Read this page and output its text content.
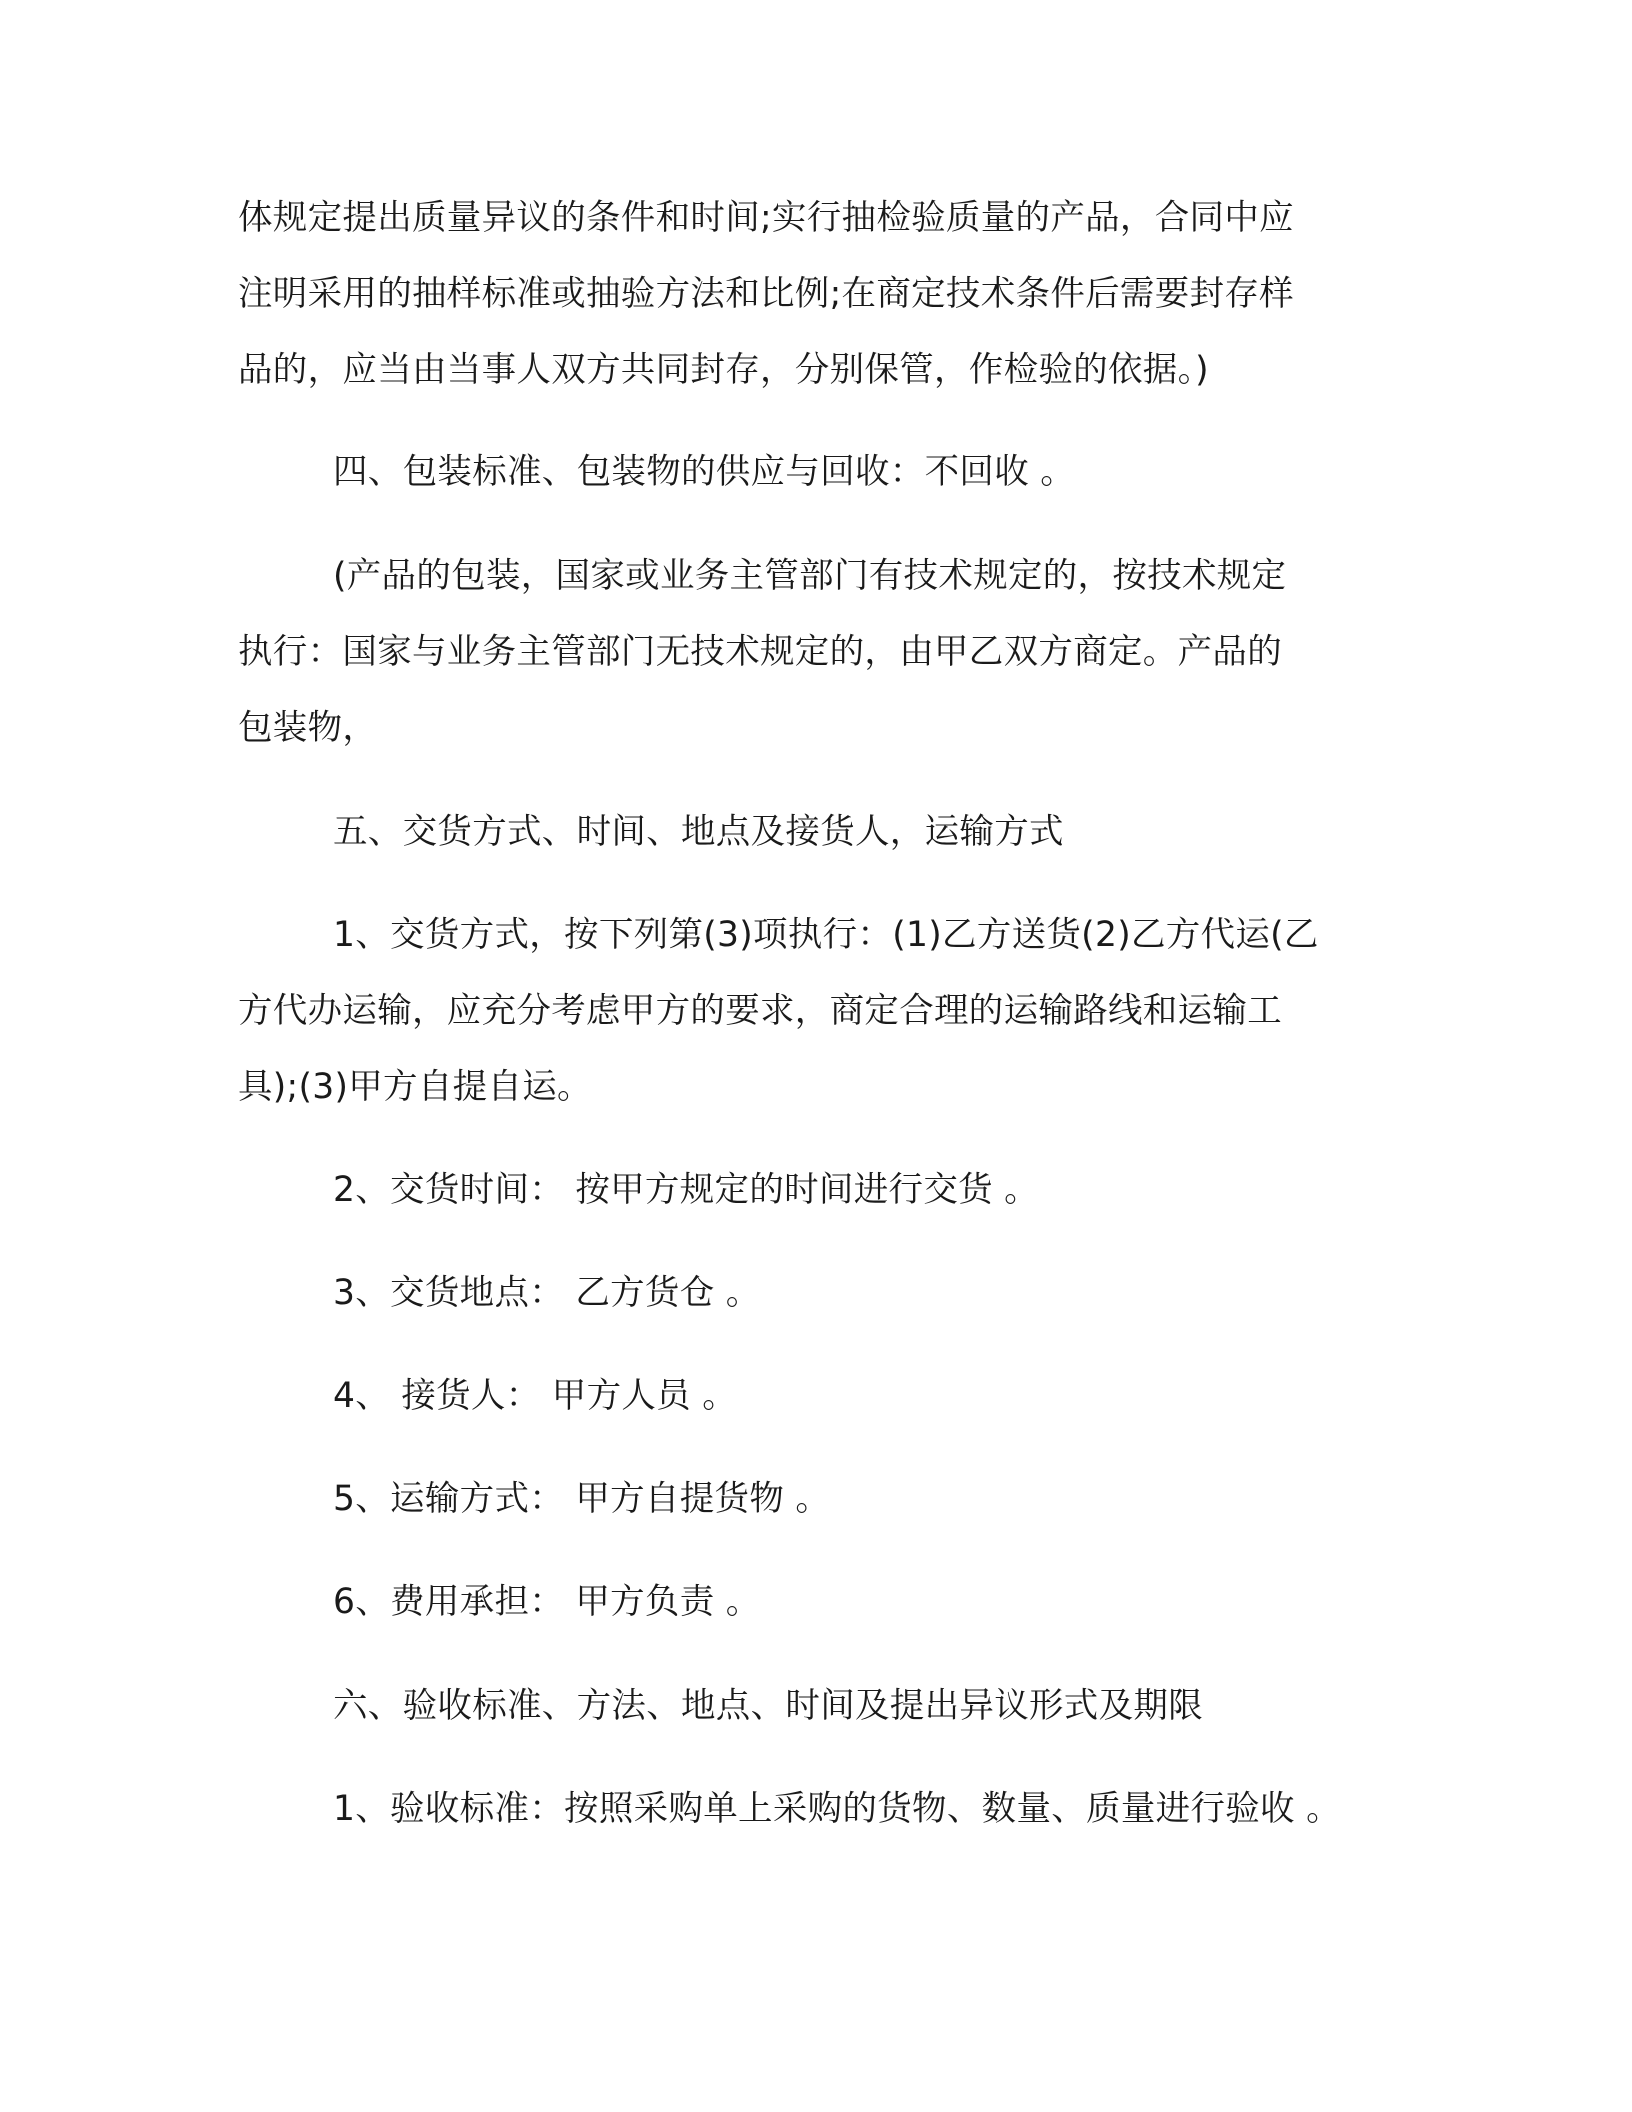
体规定提出质量异议的条件和时间;实行抽检验质量的产品，合同中应
注明采用的抽样标准或抽验方法和比例;在商定技术条件后需要封存样
品的，应当由当事人双方共同封存，分别保管，作检验的依据。)
四、包装标准、包装物的供应与回收：不回收 。
(产品的包装，国家或业务主管部门有技术规定的，按技术规定
执行：国家与业务主管部门无技术规定的，由甲乙双方商定。产品的
包装物，
五、交货方式、时间、地点及接货人，运输方式
1、交货方式，按下列第(3)项执行：(1)乙方送货(2)乙方代运(乙
方代办运输，应充分考虑甲方的要求，商定合理的运输路线和运输工
具);(3)甲方自提自运。
2、交货时间： 按甲方规定的时间进行交货 。
3、交货地点： 乙方货仓 。
4、 接货人： 甲方人员 。
5、运输方式： 甲方自提货物 。
6、费用承担： 甲方负责 。
六、验收标准、方法、地点、时间及提出异议形式及期限
1、验收标准：按照采购单上采购的货物、数量、质量进行验收 。
